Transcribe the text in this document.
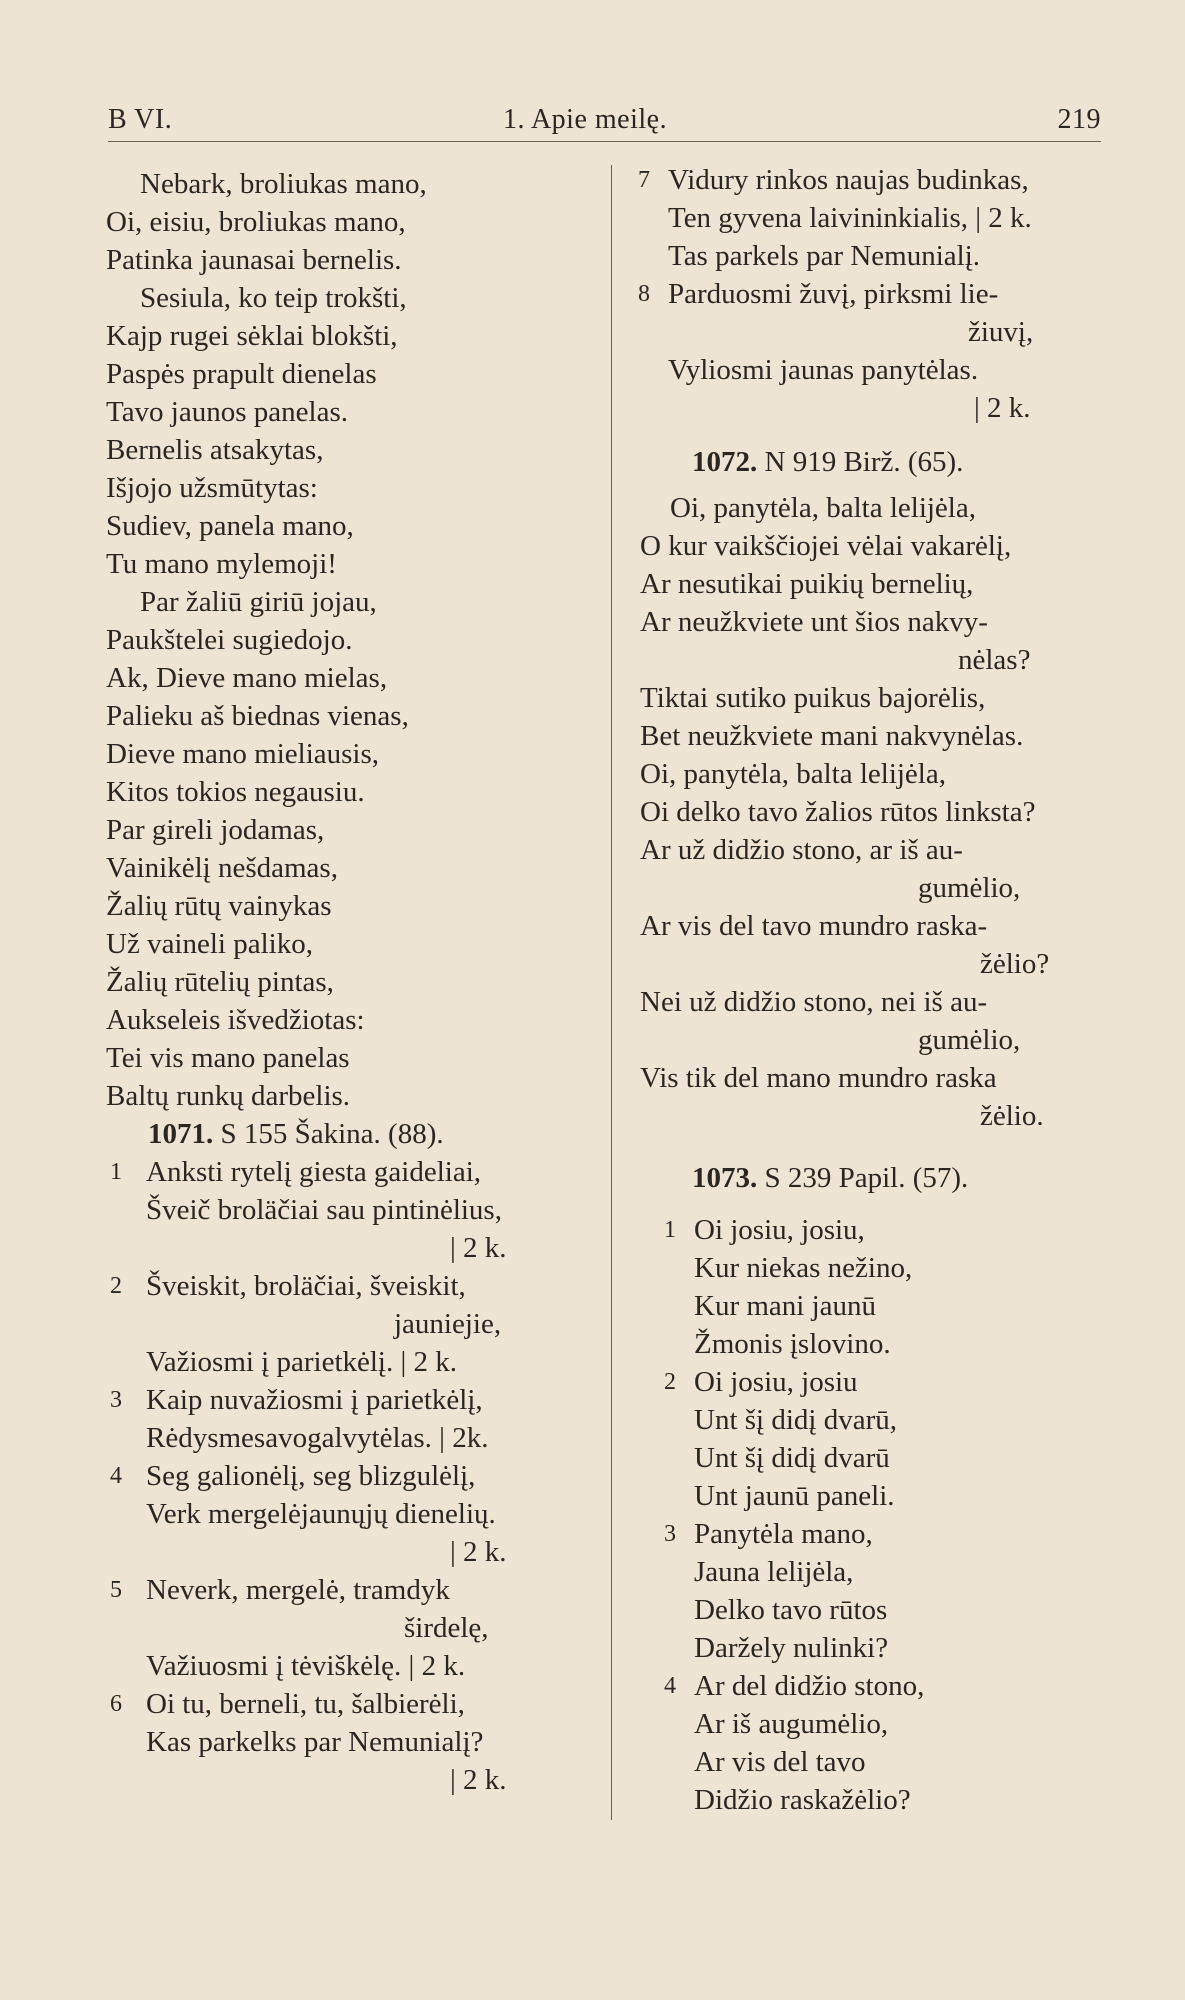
B VI.	1. Apie meilę.	219
Nebark, broliukas mano,
Oi, eisiu, broliukas mano,
Patinka jaunasai bernelis.
Sesiula, ko teip trokšti,
Kajp rugei sėklai blokšti,
Paspės prapult dienelas
Tavo jaunos panelas.
Bernelis atsakytas,
Išjojo užsmūtytas:
Sudiev, panela mano,
Tu mano mylemoji!
Par žaliū giriū jojau,
Paukštelei sugiedojo.
Ak, Dieve mano mielas,
Palieku aš biednas vienas,
Dieve mano mieliausis,
Kitos tokios negausiu.
Par gireli jodamas,
Vainikėlį nešdamas,
Žalių rūtų vainykas
Už vaineli paliko,
Žalių rūtelių pintas,
Aukseleis išvedžiotas:
Tei vis mano panelas
Baltų runkų darbelis.
1071. S 155 Šakina. (88).
1 Anksti rytelį giesta gaideliai,
Šveič broläčiai sau pintinėlius,
| 2 k.
2 Šveiskit, broläčiai, šveiskit,
jauniejie,
Važiosmi į parietkėlį. | 2 k.
3 Kaip nuvažiosmi į parietkėlį,
Rėdysmesavogalvytėlas. | 2k.
4 Seg galionėlį, seg blizgulėlį,
Verk mergelėjaunųjų dienelių.
| 2 k.
5 Neverk, mergelė, tramdyk
širdelę,
Važiuosmi į tėviškėlę. | 2 k.
6 Oi tu, berneli, tu, šalbierėli,
Kas parkelks par Nemunialį?
| 2 k.
7 Vidury rinkos naujas budinkas,
Ten gyvena laivininkialis, | 2 k.
Tas parkels par Nemunialį.
8 Parduosmi žuvį, pirksmi lie-
žiuvį,
Vyliosmi jaunas panytėlas.
| 2 k.
1072. N 919 Birž. (65).
Oi, panytėla, balta lelijėla,
O kur vaikščiojei vėlai vakarėlį,
Ar nesutikai puikių bernelių,
Ar neužkviete unt šios nakvy-
nėlas?
Tiktai sutiko puikus bajorėlis,
Bet neužkviete mani nakvynėlas.
Oi, panytėla, balta lelijėla,
Oi delko tavo žalios rūtos linksta?
Ar už didžio stono, ar iš au-
gumėlio,
Ar vis del tavo mundro raska-
žėlio?
Nei už didžio stono, nei iš au-
gumėlio,
Vis tik del mano mundro raska
žėlio.
1073. S 239 Papil. (57).
1 Oi josiu, josiu,
Kur niekas nežino,
Kur mani jaunū
Žmonis įslovino.
2 Oi josiu, josiu
Unt šį didį dvarū,
Unt šį didį dvarū
Unt jaunū paneli.
3 Panytėla mano,
Jauna lelijėla,
Delko tavo rūtos
Daržely nulinki?
4 Ar del didžio stono,
Ar iš augumėlio,
Ar vis del tavo
Didžio raskažėlio?
